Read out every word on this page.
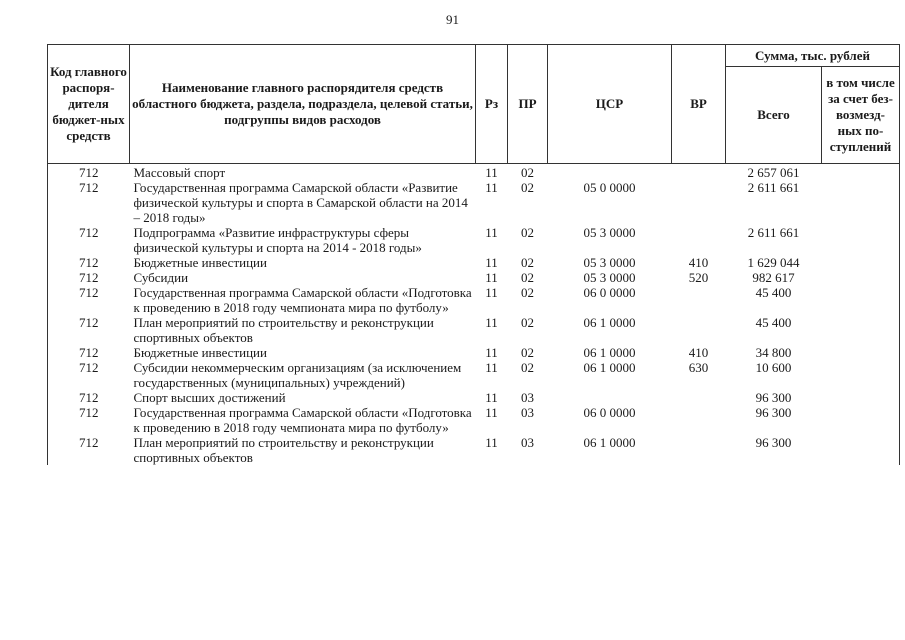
91
Код главного распоря-дителя бюджет-ных средств	Наименование главного распорядителя средств областного бюджета, раздела, подраздела, целевой статьи, подгруппы видов расходов	Рз	ПР	ЦСР	ВР	Сумма, тыс. рублей	
						Всего	в том числе за счет без-возмезд-ных по-ступлений
712	Массовый спорт	11	02			2 657 061	
712	Государственная программа Самарской области «Развитие физической культуры и спорта в Самарской области на 2014 – 2018 годы»	11	02	05 0 0000		2 611 661	
712	Подпрограмма «Развитие инфраструктуры сферы физической культуры и спорта на 2014 - 2018 годы»	11	02	05 3 0000		2 611 661	
712	Бюджетные инвестиции	11	02	05 3 0000	410	1 629 044	
712	Субсидии	11	02	05 3 0000	520	982 617	
712	Государственная программа Самарской области «Подготовка к проведению в 2018 году чемпионата мира по футболу»	11	02	06 0 0000		45 400	
712	План мероприятий по строительству и реконструкции спортивных объектов	11	02	06 1 0000		45 400	
712	Бюджетные инвестиции	11	02	06 1 0000	410	34 800	
712	Субсидии некоммерческим организациям (за исключением государственных (муниципальных) учреждений)	11	02	06 1 0000	630	10 600	
712	Спорт высших достижений	11	03			96 300	
712	Государственная программа Самарской области «Подготовка к проведению в 2018 году чемпионата мира по футболу»	11	03	06 0 0000		96 300	
712	План мероприятий по строительству и реконструкции спортивных объектов	11	03	06 1 0000		96 300	
